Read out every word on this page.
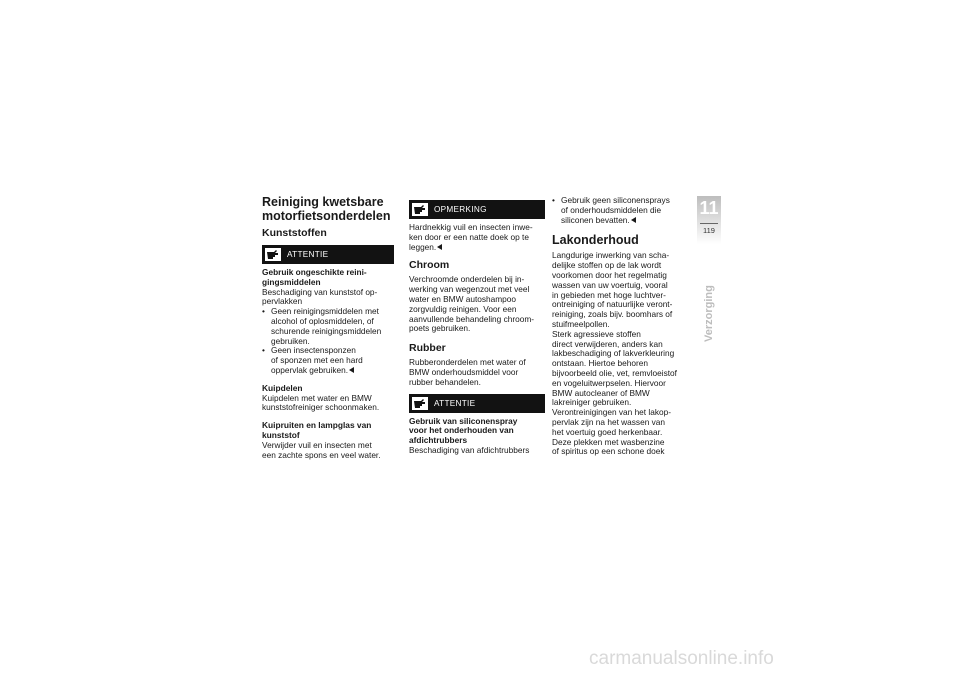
Reiniging kwetsbare
motorfietsonderdelen
Kunststoffen
ATTENTIE

Gebruik ongeschikte reini-
gingsmiddelen

Beschadiging van kunststof op-
pervlakken

• Geen reinigingsmiddelen met
alcohol of oplosmiddelen, of
schurende reinigingsmiddelen
gebruiken.
• Geen insectensponzen
of sponzen met een hard
oppervlak gebruiken.
Kuipdelen

Kuipdelen met water en BMW
kunststofreiniger schoonmaken.

Kuipruiten en lampglas van
kunststof

Verwijder vuil en insecten met
een zachte spons en veel water.

OPMERKING

Hardnekkig vuil en insecten inwe-
ken door er een natte doek op te
leggen.

Chroom

Verchroomde onderdelen bij in-
werking van wegenzout met veel
water en BMW autoshampoo
zorgvuldig reinigen. Voor een
aanvullende behandeling chroom-
poets gebruiken.

Rubber

Rubberonderdelen met water of
BMW onderhoudsmiddel voor
rubber behandelen.

ATTENTIE

Gebruik van siliconenspray
voor het onderhouden van
afdichtrubbers

Beschadiging van afdichtrubbers

• Gebruik geen siliconensprays
of onderhoudsmiddelen die
siliconen bevatten.
Lakonderhoud

Langdurige inwerking van scha-
delijke stoffen op de lak wordt
voorkomen door het regelmatig
wassen van uw voertuig, vooral
in gebieden met hoge luchtver-
ontreiniging of natuurlijke veront-
reiniging, zoals bijv. boomhars of
stuifmeelpollen.
Sterk agressieve stoffen
direct verwijderen, anders kan
lakbeschadiging of lakverkleuring
ontstaan. Hiertoe behoren
bijvoorbeeld olie, vet, remvloeistof
en vogeluitwerpselen. Hiervoor
BMW autocleaner of BMW
lakreiniger gebruiken.
Verontreinigingen van het lakop-
pervlak zijn na het wassen van
het voertuig goed herkenbaar.
Deze plekken met wasbenzine
of spiritus op een schone doek

11
119
Verzorging
carmanualsonline.info
